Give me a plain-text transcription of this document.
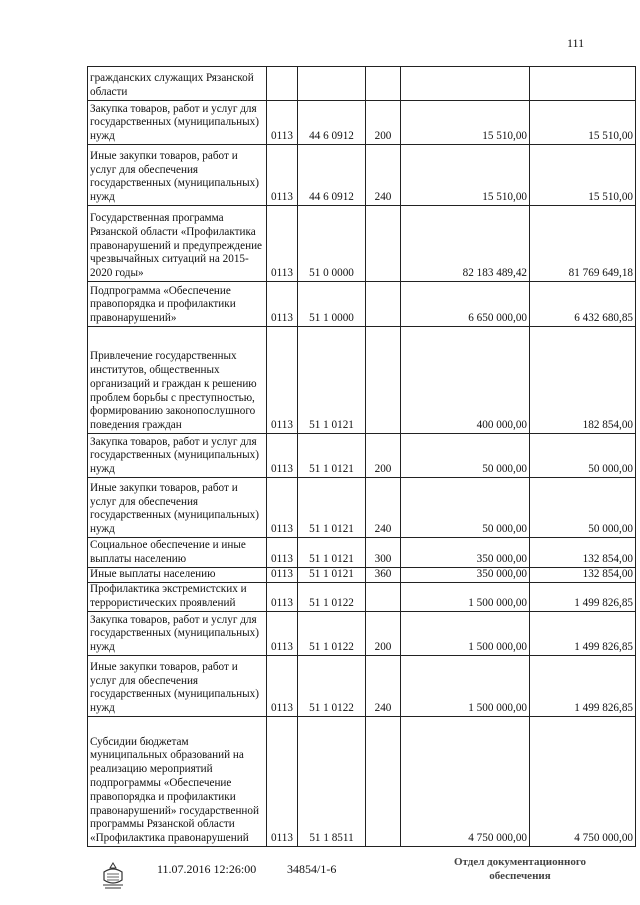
111
гражданских служащих Рязанской области					
Закупка товаров, работ и услуг для государственных (муниципальных) нужд	0113	44 6 0912	200	15 510,00	15 510,00
Иные закупки товаров, работ и услуг для обеспечения государственных (муниципальных) нужд	0113	44 6 0912	240	15 510,00	15 510,00
Государственная программа Рязанской области «Профилактика правонарушений и предупреждение чрезвычайных ситуаций на 2015-2020 годы»	0113	51 0 0000		82 183 489,42	81 769 649,18
Подпрограмма «Обеспечение правопорядка и профилактики правонарушений»	0113	51 1 0000		6 650 000,00	6 432 680,85
Привлечение государственных институтов, общественных организаций и граждан к решению проблем борьбы с преступностью, формированию законопослушного поведения граждан	0113	51 1 0121		400 000,00	182 854,00
Закупка товаров, работ и услуг для государственных (муниципальных) нужд	0113	51 1 0121	200	50 000,00	50 000,00
Иные закупки товаров, работ и услуг для обеспечения государственных (муниципальных) нужд	0113	51 1 0121	240	50 000,00	50 000,00
Социальное обеспечение и иные выплаты населению	0113	51 1 0121	300	350 000,00	132 854,00
Иные выплаты населению	0113	51 1 0121	360	350 000,00	132 854,00
Профилактика экстремистских и террористических проявлений	0113	51 1 0122		1 500 000,00	1 499 826,85
Закупка товаров, работ и услуг для государственных (муниципальных) нужд	0113	51 1 0122	200	1 500 000,00	1 499 826,85
Иные закупки товаров, работ и услуг для обеспечения государственных (муниципальных) нужд	0113	51 1 0122	240	1 500 000,00	1 499 826,85
Субсидии бюджетам муниципальных образований на реализацию мероприятий подпрограммы «Обеспечение правопорядка и профилактики правонарушений» государственной программы Рязанской области «Профилактика правонарушений	0113	51 1 8511		4 750 000,00	4 750 000,00
11.07.2016 12:26:00	34854/1-6	Отдел документационного
обеспечения
